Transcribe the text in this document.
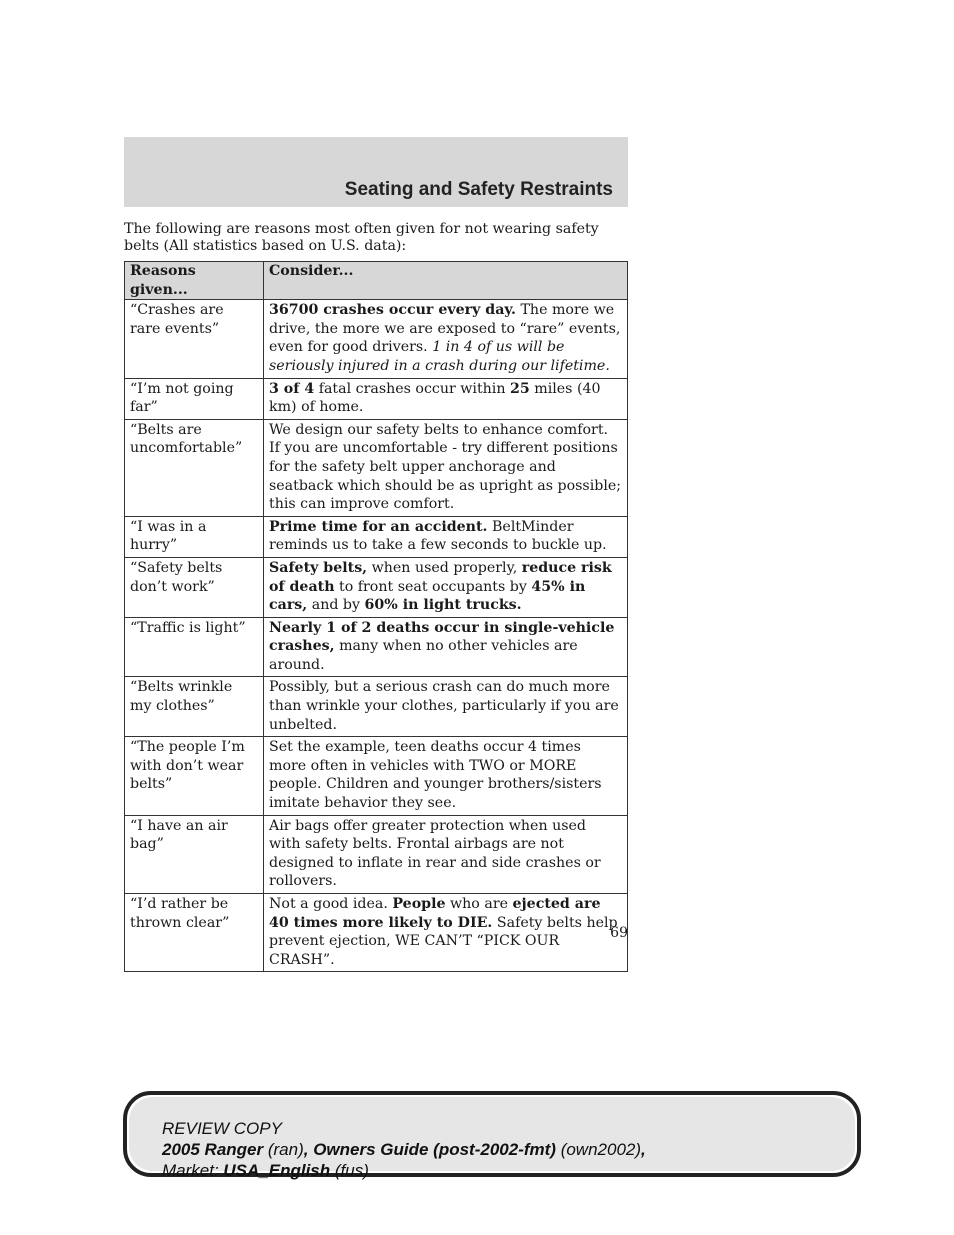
Seating and Safety Restraints
The following are reasons most often given for not wearing safety belts (All statistics based on U.S. data):
Reasons given...	Consider...
“Crashes are rare events”	36700 crashes occur every day. The more we drive, the more we are exposed to “rare” events, even for good drivers. 1 in 4 of us will be seriously injured in a crash during our lifetime.
“I’m not going far”	3 of 4 fatal crashes occur within 25 miles (40 km) of home.
“Belts are uncomfortable”	We design our safety belts to enhance comfort. If you are uncomfortable - try different positions for the safety belt upper anchorage and seatback which should be as upright as possible; this can improve comfort.
“I was in a hurry”	Prime time for an accident. BeltMinder reminds us to take a few seconds to buckle up.
“Safety belts don’t work”	Safety belts, when used properly, reduce risk of death to front seat occupants by 45% in cars, and by 60% in light trucks.
“Traffic is light”	Nearly 1 of 2 deaths occur in single-vehicle crashes, many when no other vehicles are around.
“Belts wrinkle my clothes”	Possibly, but a serious crash can do much more than wrinkle your clothes, particularly if you are unbelted.
“The people I’m with don’t wear belts”	Set the example, teen deaths occur 4 times more often in vehicles with TWO or MORE people. Children and younger brothers/sisters imitate behavior they see.
“I have an air bag”	Air bags offer greater protection when used with safety belts. Frontal airbags are not designed to inflate in rear and side crashes or rollovers.
“I’d rather be thrown clear”	Not a good idea. People who are ejected are 40 times more likely to DIE. Safety belts help prevent ejection, WE CAN’T “PICK OUR CRASH”.
69
REVIEW COPY
2005 Ranger (ran), Owners Guide (post-2002-fmt) (own2002),
Market: USA_English (fus)
